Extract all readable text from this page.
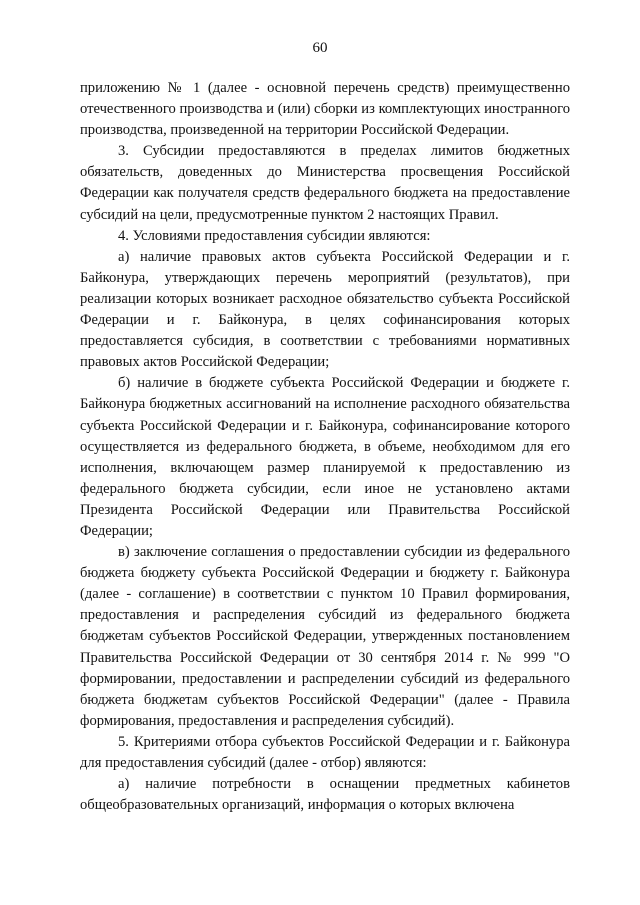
60

приложению № 1 (далее - основной перечень средств) преимущественно отечественного производства и (или) сборки из комплектующих иностранного производства, произведенной на территории Российской Федерации.

3. Субсидии предоставляются в пределах лимитов бюджетных обязательств, доведенных до Министерства просвещения Российской Федерации как получателя средств федерального бюджета на предоставление субсидий на цели, предусмотренные пунктом 2 настоящих Правил.

4. Условиями предоставления субсидии являются:

а) наличие правовых актов субъекта Российской Федерации и г. Байконура, утверждающих перечень мероприятий (результатов), при реализации которых возникает расходное обязательство субъекта Российской Федерации и г. Байконура, в целях софинансирования которых предоставляется субсидия, в соответствии с требованиями нормативных правовых актов Российской Федерации;

б) наличие в бюджете субъекта Российской Федерации и бюджете г. Байконура бюджетных ассигнований на исполнение расходного обязательства субъекта Российской Федерации и г. Байконура, софинансирование которого осуществляется из федерального бюджета, в объеме, необходимом для его исполнения, включающем размер планируемой к предоставлению из федерального бюджета субсидии, если иное не установлено актами Президента Российской Федерации или Правительства Российской Федерации;

в) заключение соглашения о предоставлении субсидии из федерального бюджета бюджету субъекта Российской Федерации и бюджету г. Байконура (далее - соглашение) в соответствии с пунктом 10 Правил формирования, предоставления и распределения субсидий из федерального бюджета бюджетам субъектов Российской Федерации, утвержденных постановлением Правительства Российской Федерации от 30 сентября 2014 г. № 999 "О формировании, предоставлении и распределении субсидий из федерального бюджета бюджетам субъектов Российской Федерации" (далее - Правила формирования, предоставления и распределения субсидий).

5. Критериями отбора субъектов Российской Федерации и г. Байконура для предоставления субсидий (далее - отбор) являются:

а) наличие потребности в оснащении предметных кабинетов общеобразовательных организаций, информация о которых включена
